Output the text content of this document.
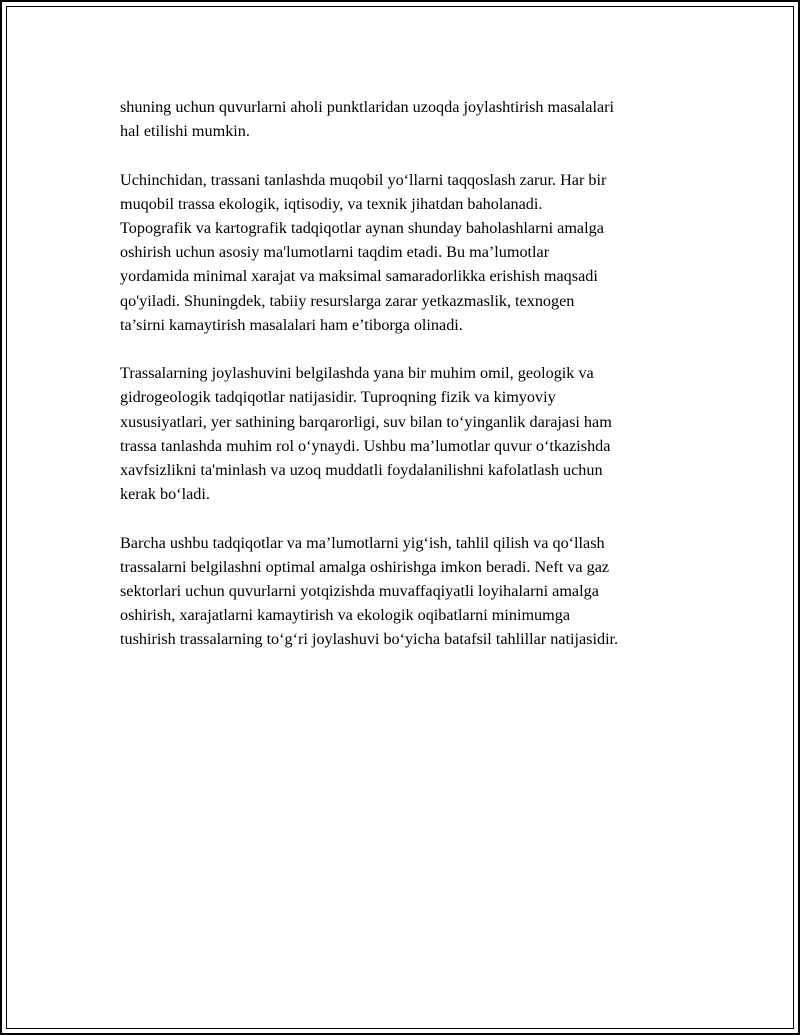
shuning uchun quvurlarni aholi punktlaridan uzoqda joylashtirish masalalari
hal etilishi mumkin.

Uchinchidan, trassani tanlashda muqobil yo‘llarni taqqoslash zarur. Har bir
muqobil trassa ekologik, iqtisodiy, va texnik jihatdan baholanadi.
Topografik va kartografik tadqiqotlar aynan shunday baholashlarni amalga
oshirish uchun asosiy ma'lumotlarni taqdim etadi. Bu ma’lumotlar
yordamida minimal xarajat va maksimal samaradorlikka erishish maqsadi
qo'yiladi. Shuningdek, tabiiy resurslarga zarar yetkazmaslik, texnogen
ta’sirni kamaytirish masalalari ham e’tiborga olinadi.

Trassalarning joylashuvini belgilashda yana bir muhim omil, geologik va
gidrogeologik tadqiqotlar natijasidir. Tuproqning fizik va kimyoviy
xususiyatlari, yer sathining barqarorligi, suv bilan to‘yinganlik darajasi ham
trassa tanlashda muhim rol o‘ynaydi. Ushbu ma’lumotlar quvur o‘tkazishda
xavfsizlikni ta'minlash va uzoq muddatli foydalanilishni kafolatlash uchun
kerak bo‘ladi.

Barcha ushbu tadqiqotlar va ma’lumotlarni yig‘ish, tahlil qilish va qo‘llash
trassalarni belgilashni optimal amalga oshirishga imkon beradi. Neft va gaz
sektorlari uchun quvurlarni yotqizishda muvaffaqiyatli loyihalarni amalga
oshirish, xarajatlarni kamaytirish va ekologik oqibatlarni minimumga
tushirish trassalarning to‘g‘ri joylashuvi bo‘yicha batafsil tahlillar natijasidir.
